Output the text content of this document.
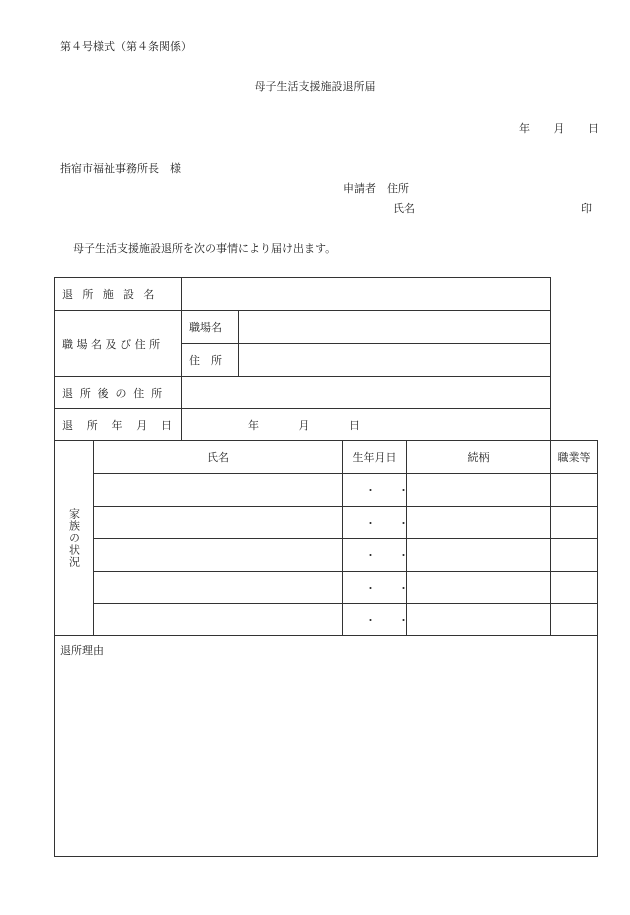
第４号様式（第４条関係）
母子生活支援施設退所届
年 月 日
指宿市福祉事務所長　様
申請者　住所
氏名	印
母子生活支援施設退所を次の事情により届け出ます。
退所施設名						
職場名及び住所		職場名				
		住　所				
退所後の住所						
退所年月日		年 月 日				

家族の状況	氏名			生年月日	続柄	職業等
				・・		
				・・		
				・・		
				・・		
				・・		

退所理由						
